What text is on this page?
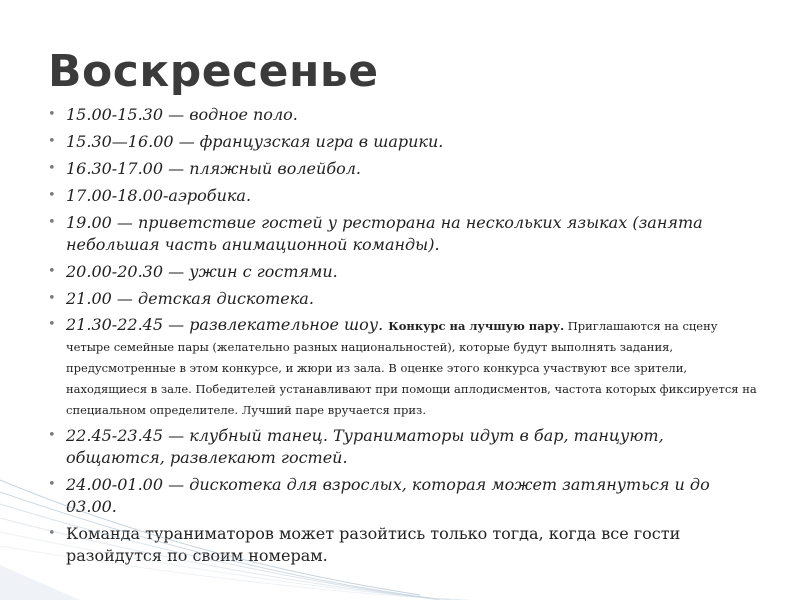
Воскресенье
• 15.00-15.30 — водное поло.
• 15.30—16.00 — французская игра в шарики.
• 16.30-17.00 — пляжный волейбол.
• 17.00-18.00-аэробика.
• 19.00 — приветствие гостей у ресторана на нескольких языках (занята небольшая часть анимационной команды).
• 20.00-20.30 — ужин с гостями.
• 21.00 — детская дискотека.
• 21.30-22.45 — развлекательное шоу. Конкурс на лучшую пару. Приглашаются на сцену четыре семейные пары (желательно разных национальностей), которые будут выполнять задания, предусмотренные в этом конкурсе, и жюри из зала. В оценке этого конкурса участвуют все зрители, находящиеся в зале. Победителей устанавливают при помощи аплодисментов, частота которых фиксируется на специальном определителе. Лучший паре вручается приз.
• 22.45-23.45 — клубный танец. Тураниматоры идут в бар, танцуют, общаются, развлекают гостей.
• 24.00-01.00 — дискотека для взрослых, которая может затянуться и до 03.00.
• Команда тураниматоров может разойтись только тогда, когда все гости разойдутся по своим номерам.
